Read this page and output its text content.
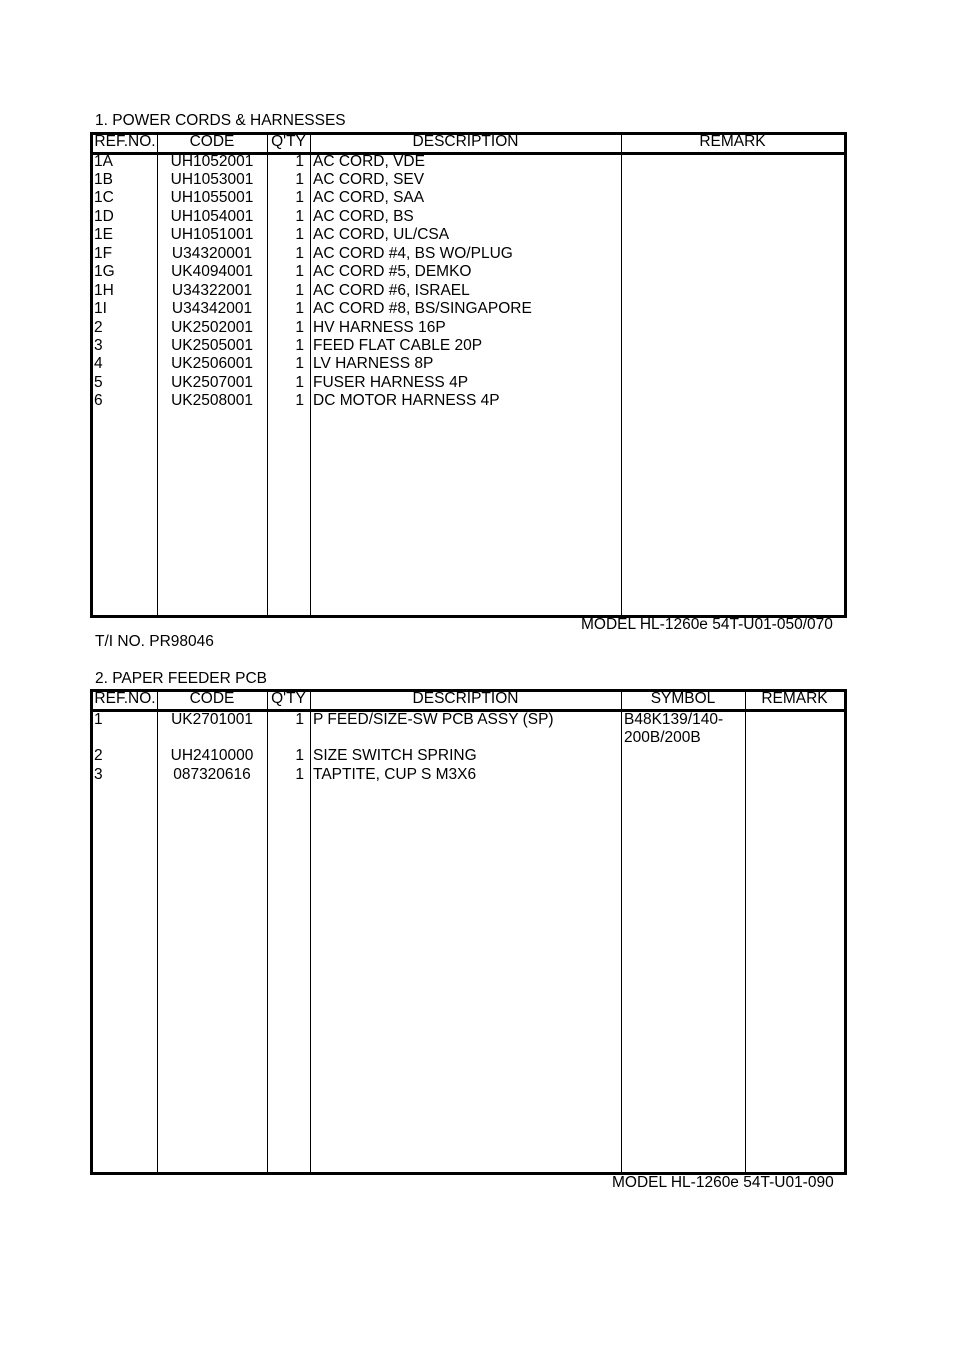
1. POWER CORDS & HARNESSES
REF.NO.	CODE	Q'TY	DESCRIPTION	REMARK
1A	UH1052001	1 AC CORD, VDE
1B	UH1053001	1 AC CORD, SEV
1C	UH1055001	1 AC CORD, SAA
1D	UH1054001	1 AC CORD, BS
1E	UH1051001	1 AC CORD, UL/CSA
1F	U34320001	1 AC CORD #4, BS WO/PLUG
1G	UK4094001	1 AC CORD #5, DEMKO
1H	U34322001	1 AC CORD #6, ISRAEL
1I	U34342001	1 AC CORD #8, BS/SINGAPORE
2	UK2502001	1 HV HARNESS 16P
3	UK2505001	1 FEED FLAT CABLE 20P
4	UK2506001	1 LV HARNESS 8P
5	UK2507001	1 FUSER HARNESS 4P
6	UK2508001	1 DC MOTOR HARNESS 4P
MODEL HL-1260e 54T-U01-050/070
T/I NO. PR98046
2. PAPER FEEDER PCB
REF.NO.	CODE	Q'TY	DESCRIPTION	SYMBOL	REMARK
1	UK2701001	1 P FEED/SIZE-SW PCB ASSY (SP)	B48K139/140-
200B/200B
2	UH2410000	1 SIZE SWITCH SPRING
3	087320616	1 TAPTITE, CUP S M3X6
MODEL HL-1260e 54T-U01-090
